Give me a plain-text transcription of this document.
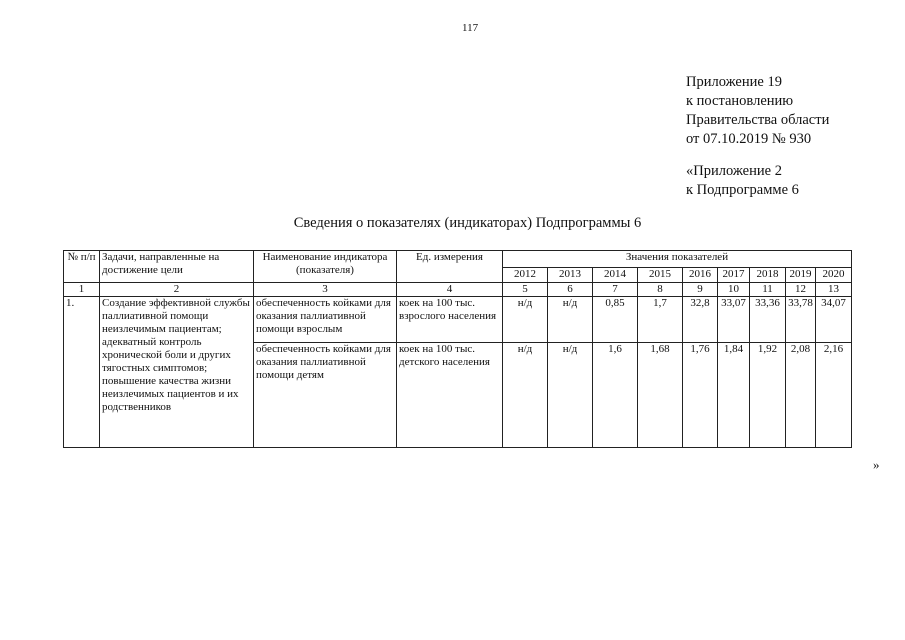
117
Приложение 19
к постановлению
Правительства области
от 07.10.2019 № 930
«Приложение 2
к Подпрограмме 6
Сведения о показателях (индикаторах) Подпрограммы 6
№ п/п	Задачи, направленные на достижение цели	Наименование индикатора (показателя)	Ед. измерения	Значения показателей								
				2012	2013	2014	2015	2016	2017	2018	2019	2020
1	2	3	4	5	6	7	8	9	10	11	12	13
1.	Создание эффективной службы паллиативной помощи неизлечимым пациентам; адекватный контроль хронической боли и других тягостных симптомов; повышение качества жизни неизлечимых пациентов и их родственников	обеспеченность койками для оказания паллиативной помощи взрослым	коек на 100 тыс. взрослого населения	н/д	н/д	0,85	1,7	32,8	33,07	33,36	33,78	34,07
		обеспеченность койками для оказания паллиативной помощи детям	коек на 100 тыс. детского населения	н/д	н/д	1,6	1,68	1,76	1,84	1,92	2,08	2,16
»
